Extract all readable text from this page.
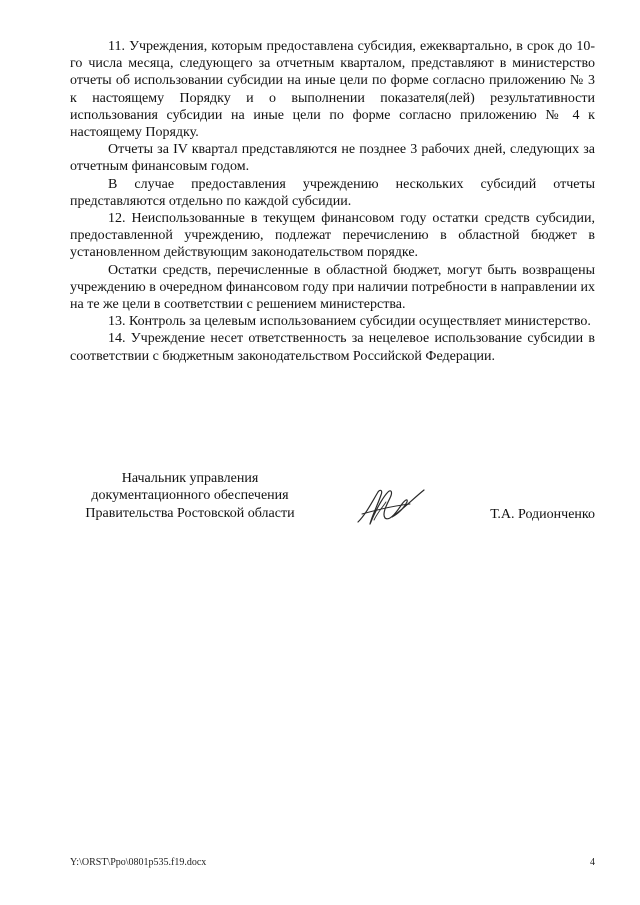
11. Учреждения, которым предоставлена субсидия, ежеквартально, в срок до 10-го числа месяца, следующего за отчетным кварталом, представляют в министерство отчеты об использовании субсидии на иные цели по форме согласно приложению № 3 к настоящему Порядку и о выполнении показателя(лей) результативности использования субсидии на иные цели по форме согласно приложению № 4 к настоящему Порядку.

Отчеты за IV квартал представляются не позднее 3 рабочих дней, следующих за отчетным финансовым годом.

В случае предоставления учреждению нескольких субсидий отчеты представляются отдельно по каждой субсидии.

12. Неиспользованные в текущем финансовом году остатки средств субсидии, предоставленной учреждению, подлежат перечислению в областной бюджет в установленном действующим законодательством порядке.

Остатки средств, перечисленные в областной бюджет, могут быть возвращены учреждению в очередном финансовом году при наличии потребности в направлении их на те же цели в соответствии с решением министерства.

13. Контроль за целевым использованием субсидии осуществляет министерство.

14. Учреждение несет ответственность за нецелевое использование субсидии в соответствии с бюджетным законодательством Российской Федерации.

Начальник управления
документационного обеспечения
Правительства Ростовской области	Т.А. Родионченко
Y:\ORST\Ppo\0801p535.f19.docx	4
